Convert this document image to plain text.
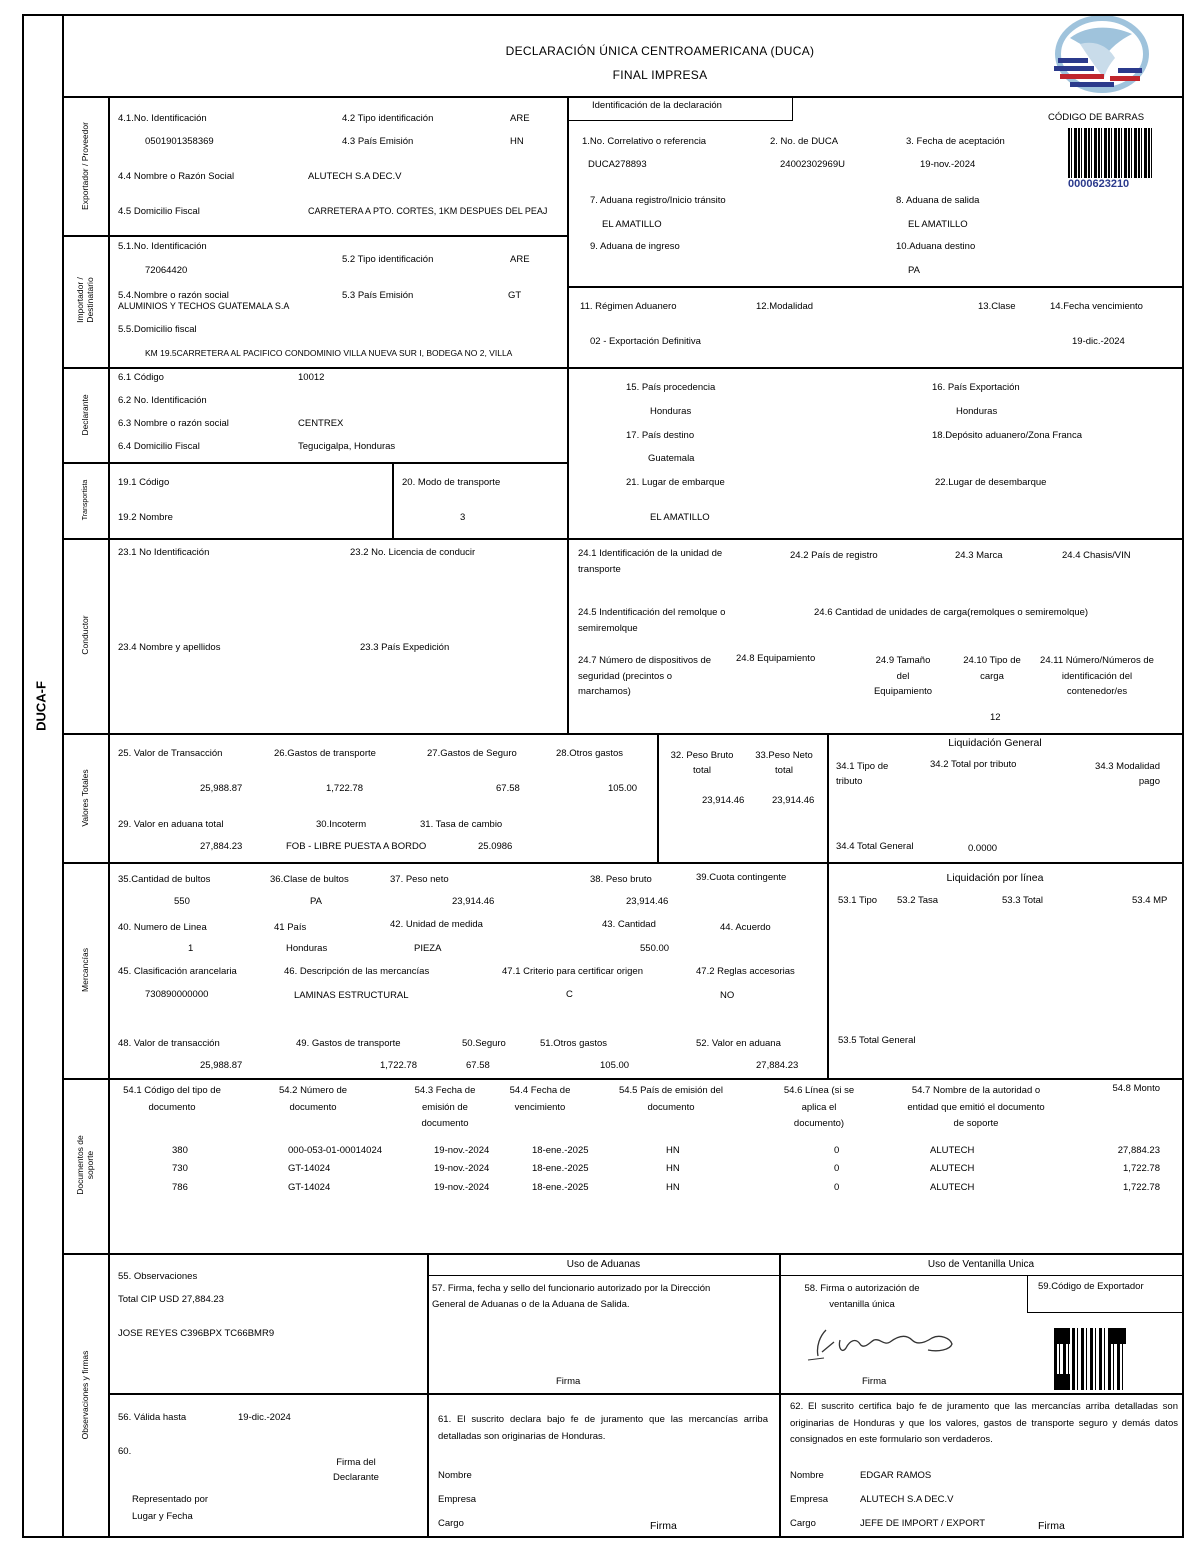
DUCA-F
Exportador / Proveedor
Importador / Destinatario
Declarante
Transportista
Conductor
Valores Totales
Mercancías
Documentos de soporte
Observaciones y firmas
DECLARACIÓN ÚNICA CENTROAMERICANA (DUCA)
FINAL IMPRESA
4.1.No. Identificación
0501901358369
4.2 Tipo identificación	ARE
4.3 País Emisión	HN
4.4 Nombre o Razón Social	ALUTECH S.A DEC.V
4.5 Domicilio Fiscal	CARRETERA A PTO. CORTES, 1KM DESPUES DEL PEAJ
5.1.No. Identificación
72064420
5.2 Tipo identificación	ARE
5.4.Nombre o razón social
ALUMINIOS Y TECHOS GUATEMALA S.A
5.3 País Emisión	GT
5.5.Domicilio fiscal
KM 19.5CARRETERA AL PACIFICO CONDOMINIO VILLA NUEVA SUR I, BODEGA NO 2, VILLA
Identificación de la declaración
CÓDIGO DE BARRAS
0000623210
1.No. Correlativo o referencia
DUCA278893
2. No. de DUCA
24002302969U
3. Fecha de aceptación
19-nov.-2024
7. Aduana registro/Inicio tránsito
EL AMATILLO
8. Aduana de salida
EL AMATILLO
9. Aduana de ingreso	10.Aduana destino
PA
11. Régimen Aduanero
02 - Exportación Definitiva
12.Modalidad	13.Clase	14.Fecha vencimiento
19-dic.-2024
6.1 Código	10012
6.2 No. Identificación
6.3 Nombre o razón social	CENTREX
6.4 Domicilio Fiscal	Tegucigalpa, Honduras
15. País procedencia
Honduras
16. País Exportación
Honduras
17. País destino
Guatemala
18.Depósito aduanero/Zona Franca
21. Lugar de embarque
EL AMATILLO
22.Lugar de desembarque
19.1 Código
19.2 Nombre
20. Modo de transporte
3
23.1 No Identificación	23.2 No. Licencia de conducir
23.4 Nombre y apellidos	23.3 País Expedición
24.1 Identificación de la unidad de transporte
24.2 País de registro	24.3 Marca	24.4 Chasis/VIN
24.5 Indentificación del remolque o semiremolque
24.6 Cantidad de unidades de carga(remolques o semiremolque)
24.7 Número de dispositivos de seguridad (precintos o marchamos)
24.8 Equipamiento	24.9 Tamaño del Equipamiento
24.10 Tipo de carga
12
24.11 Número/Números de identificación del contenedor/es
25. Valor de Transacción
25,988.87
26.Gastos de transporte
1,722.78
27.Gastos de Seguro
67.58
28.Otros gastos
105.00
29. Valor en aduana total
27,884.23
30.Incoterm
FOB - LIBRE PUESTA A BORDO
31. Tasa de cambio
25.0986
32. Peso Bruto total
23,914.46
33.Peso Neto total
23,914.46
Liquidación General
34.1 Tipo de tributo
34.2 Total por tributo	34.3 Modalidad pago
34.4 Total General	0.0000
35.Cantidad de bultos
550
36.Clase de bultos
PA
37. Peso neto
23,914.46
38. Peso bruto
23,914.46
39.Cuota contingente
40. Numero de Linea
1
41 País
Honduras
42. Unidad de medida
PIEZA
43. Cantidad
550.00
44. Acuerdo
45. Clasificación arancelaria
730890000000
46. Descripción de las mercancías
LAMINAS ESTRUCTURAL
47.1 Criterio para certificar origen
C
47.2 Reglas accesorias
NO
48. Valor de transacción
25,988.87
49. Gastos de transporte
1,722.78
50.Seguro
67.58
51.Otros gastos
105.00
52. Valor en aduana
27,884.23
Liquidación por línea
53.1 Tipo 53.2 Tasa	53.3 Total	53.4 MP
53.5 Total General
54.1 Código del tipo de documento
54.2 Número de documento
54.3 Fecha de emisión de documento
54.4 Fecha de vencimiento
54.5 País de emisión del documento
54.6 Línea (si se aplica el documento)
54.7 Nombre de la autoridad o entidad que emitió el documento de soporte
54.8 Monto
380	000-053-01-00014024	19-nov.-2024	18-ene.-2025	HN	0	ALUTECH	27,884.23
730	GT-14024	19-nov.-2024	18-ene.-2025	HN	0	ALUTECH	1,722.78
786	GT-14024	19-nov.-2024	18-ene.-2025	HN	0	ALUTECH	1,722.78
55. Observaciones
Total CIP USD 27,884.23
JOSE REYES C396BPX TC66BMR9
56. Válida hasta	19-dic.-2024
60.
Firma del Declarante
Representado por
Lugar y Fecha
Uso de Aduanas
57. Firma, fecha y sello del funcionario autorizado por la Dirección General de Aduanas o de la Aduana de Salida.
Firma
61. El suscrito declara bajo fe de juramento que las mercancías arriba detalladas son originarias de Honduras.
Nombre
Empresa
Cargo	Firma
Uso de Ventanilla Unica
58. Firma o autorización de ventanilla única
59.Código de Exportador
Firma
62. El suscrito certifica bajo fe de juramento que las mercancías arriba detalladas son originarias de Honduras y que los valores, gastos de transporte seguro y demás datos consignados en este formulario son verdaderos.
Nombre	EDGAR RAMOS
Empresa	ALUTECH S.A DEC.V
Cargo	JEFE DE IMPORT / EXPORT	Firma
